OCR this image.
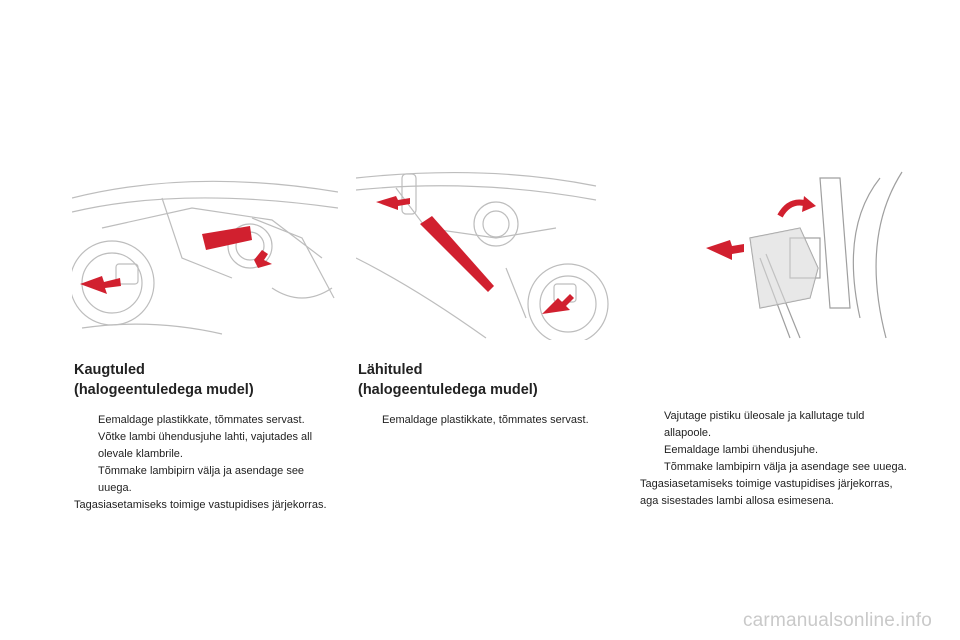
Kaugtuled
(halogeentuledega mudel)
Eemaldage plastikkate, tõmmates servast.
Võtke lambi ühendusjuhe lahti, vajutades all olevale klambrile.
Tõmmake lambipirn välja ja asendage see uuega.

Tagasiasetamiseks toimige vastupidises järjekorras.

Lähituled
(halogeentuledega mudel)
Eemaldage plastikkate, tõmmates servast.	Vajutage pistiku üleosale ja kallutage tuld allapoole.
Eemaldage lambi ühendusjuhe.
Tõmmake lambipirn välja ja asendage see uuega.

Tagasiasetamiseks toimige vastupidises järjekorras, aga sisestades lambi allosa esimesena.

carmanualsonline.info
